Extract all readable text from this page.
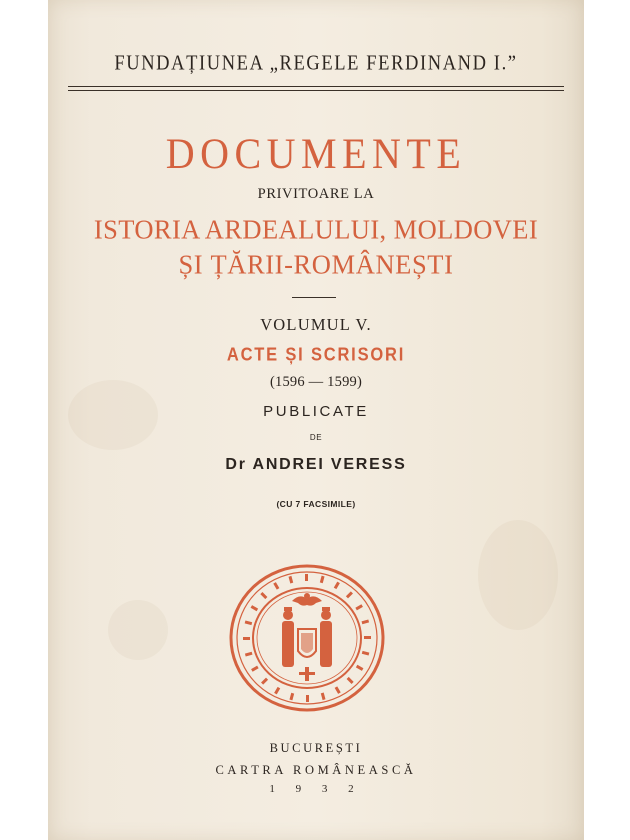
FUNDAȚIUNEA „REGELE FERDINAND I.”
DOCUMENTE
PRIVITOARE LA
ISTORIA ARDEALULUI, MOLDOVEI
ȘI ȚĂRII-ROMÂNEȘTI
VOLUMUL V.
ACTE ȘI SCRISORI
(1596 — 1599)
PUBLICATE
DE
Dr ANDREI VERESS
(CU 7 FACSIMILE)
BUCUREȘTI
CARTRA ROMÂNEASCĂ
1 9 3 2
